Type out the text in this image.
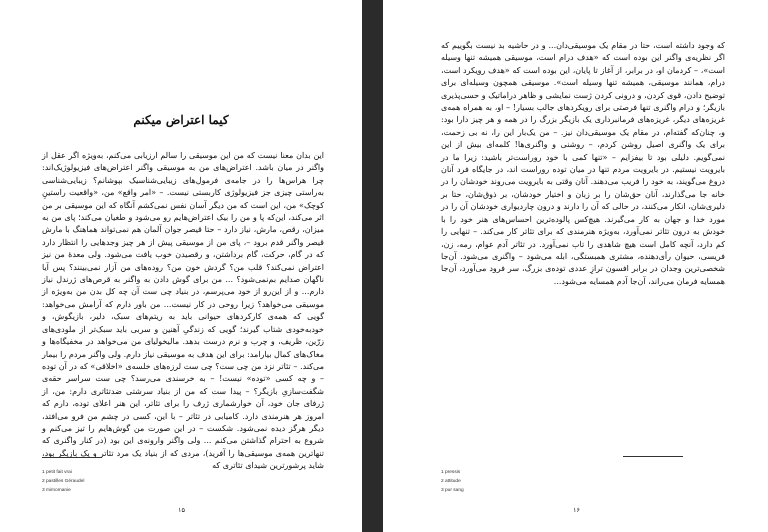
کیما اعتراض میکنم

این بدان معنا نیست که من این موسیقی را سالم ارزیابی می‌کنم، به‌ویژه اگر عقل از واگنر در میان باشد. اعتراض‌های من به موسیقی واگنر اعتراض‌های فیزیولوژیک‌اند: چرا هراس‌ها را در جامه‌ی فرمول‌های زیبایی‌شناسیک بپوشانم؟ زیبایی‌شناسی به‌راستی چیزی جز فیزیولوژی کاربستی نیست. – «امر واقع» من، «واقعیت راستینِ کوچک» من، این است که من دیگر آسان نفس نمی‌کشم آنگاه که این موسیقی بر من اثر می‌کند، این‌که پا و من را بیک اعتراض‌هایم رو می‌شود و طغیان می‌کند؛ پای من به میزان، رقص، مارش، نیاز دارد – حتا قیصر جوان آلمان هم نمی‌تواند هماهنگ با مارش قیصر واگنر قدم برود –، پای من از موسیقی پیش از هر چیز وجدهایی را انتظار دارد که در گام، حرکت، گام برداشتن، و رقصیدن خوب یافت می‌شود. ولی معدهٔ من نیز اعتراض نمی‌کند؟ قلب من؟ گردش خون من؟ روده‌های من آزار نمی‌بینند؟ پس آیا ناگهان صدایم بم‌نمی‌شود؟ ... من برای گوش دادن به واگنر به قرص‌های ژرندل نیاز دارم... و از این‌رو از خود می‌پرسم، در بنیاد چی ست آن چه کل بدن من به‌ویژه از موسیقی می‌خواهد؟ زیرا روحی در کار نیست... من باور دارم که آرامش می‌خواهد: گویی که همه‌ی کارکردهای حیوانی باید به ریتم‌های سبک، دلیر، بازیگوش، و خودبه‌خودی شتاب گیرند؛ گویی که زندگیِ آهنین و سربی باید سبک‌تر از ملودی‌های زرّین، ظریف، و چرب و نرم درست بدهد. مالیخولیای من می‌خواهد در مخفیگاه‌ها و مغاک‌های کمال بیارامد: برای این هدف به موسیقی نیاز دارم. ولی واگنر مردم را بیمار می‌کند. – تئاتر نزد من چی ست؟ چی ست لرزه‌های خلسه‌ی «اخلاقی» که در آن توده – و چه کسی «توده» نیست! – به خرسندی می‌رسد؟ چی ست سراسر حقه‌ی شگفت‌سازیِ بازیگر؟ – پیدا ست که من از بنیاد سرشتی ضدتئاتری دارم: من، از ژرفای جان خود، آن خوارشماری ژرف را برای تئاتر، این هنر اعلای توده، دارم که امروز هر هنرمندی دارد. کامیابی در تئاتر – با این، کسی در چشم من فرو می‌افتد، دیگر هرگز دیده نمی‌شود. شکست – در این صورت من گوش‌هایم را تیز می‌کنم و شروع به احترام گذاشتن می‌کنم ... ولی واگنر وارونه‌ی این بود (در کنار واگنری که تنهاترین همه‌ی موسیقی‌ها را آفرید)، مردی که از بنیاد یک مرد تئاتر و یک بازیگر بود، شاید پرشورترین شیدای تئاتری که

1 petit fait vrai
2 pastilles Géraudel
3 mimomanie
۱۵

که وجود داشته است، حتا در مقام یک موسیقی‌دان... و در حاشیه بد نیست بگوییم که اگر نظریه‌ی واگنر این بوده است که «هدف درام است، موسیقی همیشه تنها وسیله است»، – کردمان او، در برابر، از آغاز تا پایان، این بوده است که «هدف رویکرد است، درام، همانند موسیقی، همیشه تنها وسیله است». موسیقی همچون وسیله‌ای برای توضیح دادن، قوی کردن، و درونی کردن ژست نمایشی و ظاهر دراماتیک و حسی‌پذیری بازیگر؛ و درام واگنری تنها فرصتی برای رویکردهای جالب بسیار! – او، به همراه همه‌ی غریزه‌های دیگر، غریزه‌های فرمانبرداری یک بازیگر بزرگ را در همه و هر چیز دارا بود: و، چنان‌که گفته‌ام، در مقام یک موسیقی‌دان نیز. – من یک‌بار این را، نه بی زحمت، برای یک واگنری اصیل روشن کردم، – روشنی و واگنری‌ها! کلمه‌ای بیش از این نمی‌گویم. دلیلی بود تا بیفزایم – «تنها کمی با خود روراست‌تر باشید: زیرا ما در بایرویت نیستیم. در بایرویت مردم تنها در میان توده روراست اند، در جایگاه فرد آنان دروغ می‌گویند، به خود را فریب می‌دهند. آنان وقتی به بایرویت می‌روند خودشان را در خانه جا می‌گذارند، آنان حق‌شان را بر زبان و اختیار خودشان، بر ذوق‌شان، حتا بر دلیری‌شان، انکار می‌کنند، در حالی که آن را دارند و درون چاردیواری خودشان آن را در مورد خدا و جهان به کار می‌گیرند. هیچ‌کس پالوده‌ترین احساس‌های هنر خود را با خودش به درون تئاتر نمی‌آورد، به‌ویژه هنرمندی که برای تئاتر کار می‌کند. – تنهایی را کم دارد، آنچه کامل است هیچ شاهدی را تاب نمی‌آورد. در تئاتر آدم عوام، رمه، زن، فریسی، حیوان رأی‌دهنده، مشتری همبستگی، ابله می‌شود – واگنری می‌شود. آن‌جا شخصی‌ترین وجدان در برابر افسون ترازِ عددی توده‌ی بزرگ، سر فرود می‌آورد، آن‌جا همسایه فرمان می‌راند، آن‌جا آدم همسایه می‌شود...

1 pressis
2 attitude
3 pur sang
۱۶
